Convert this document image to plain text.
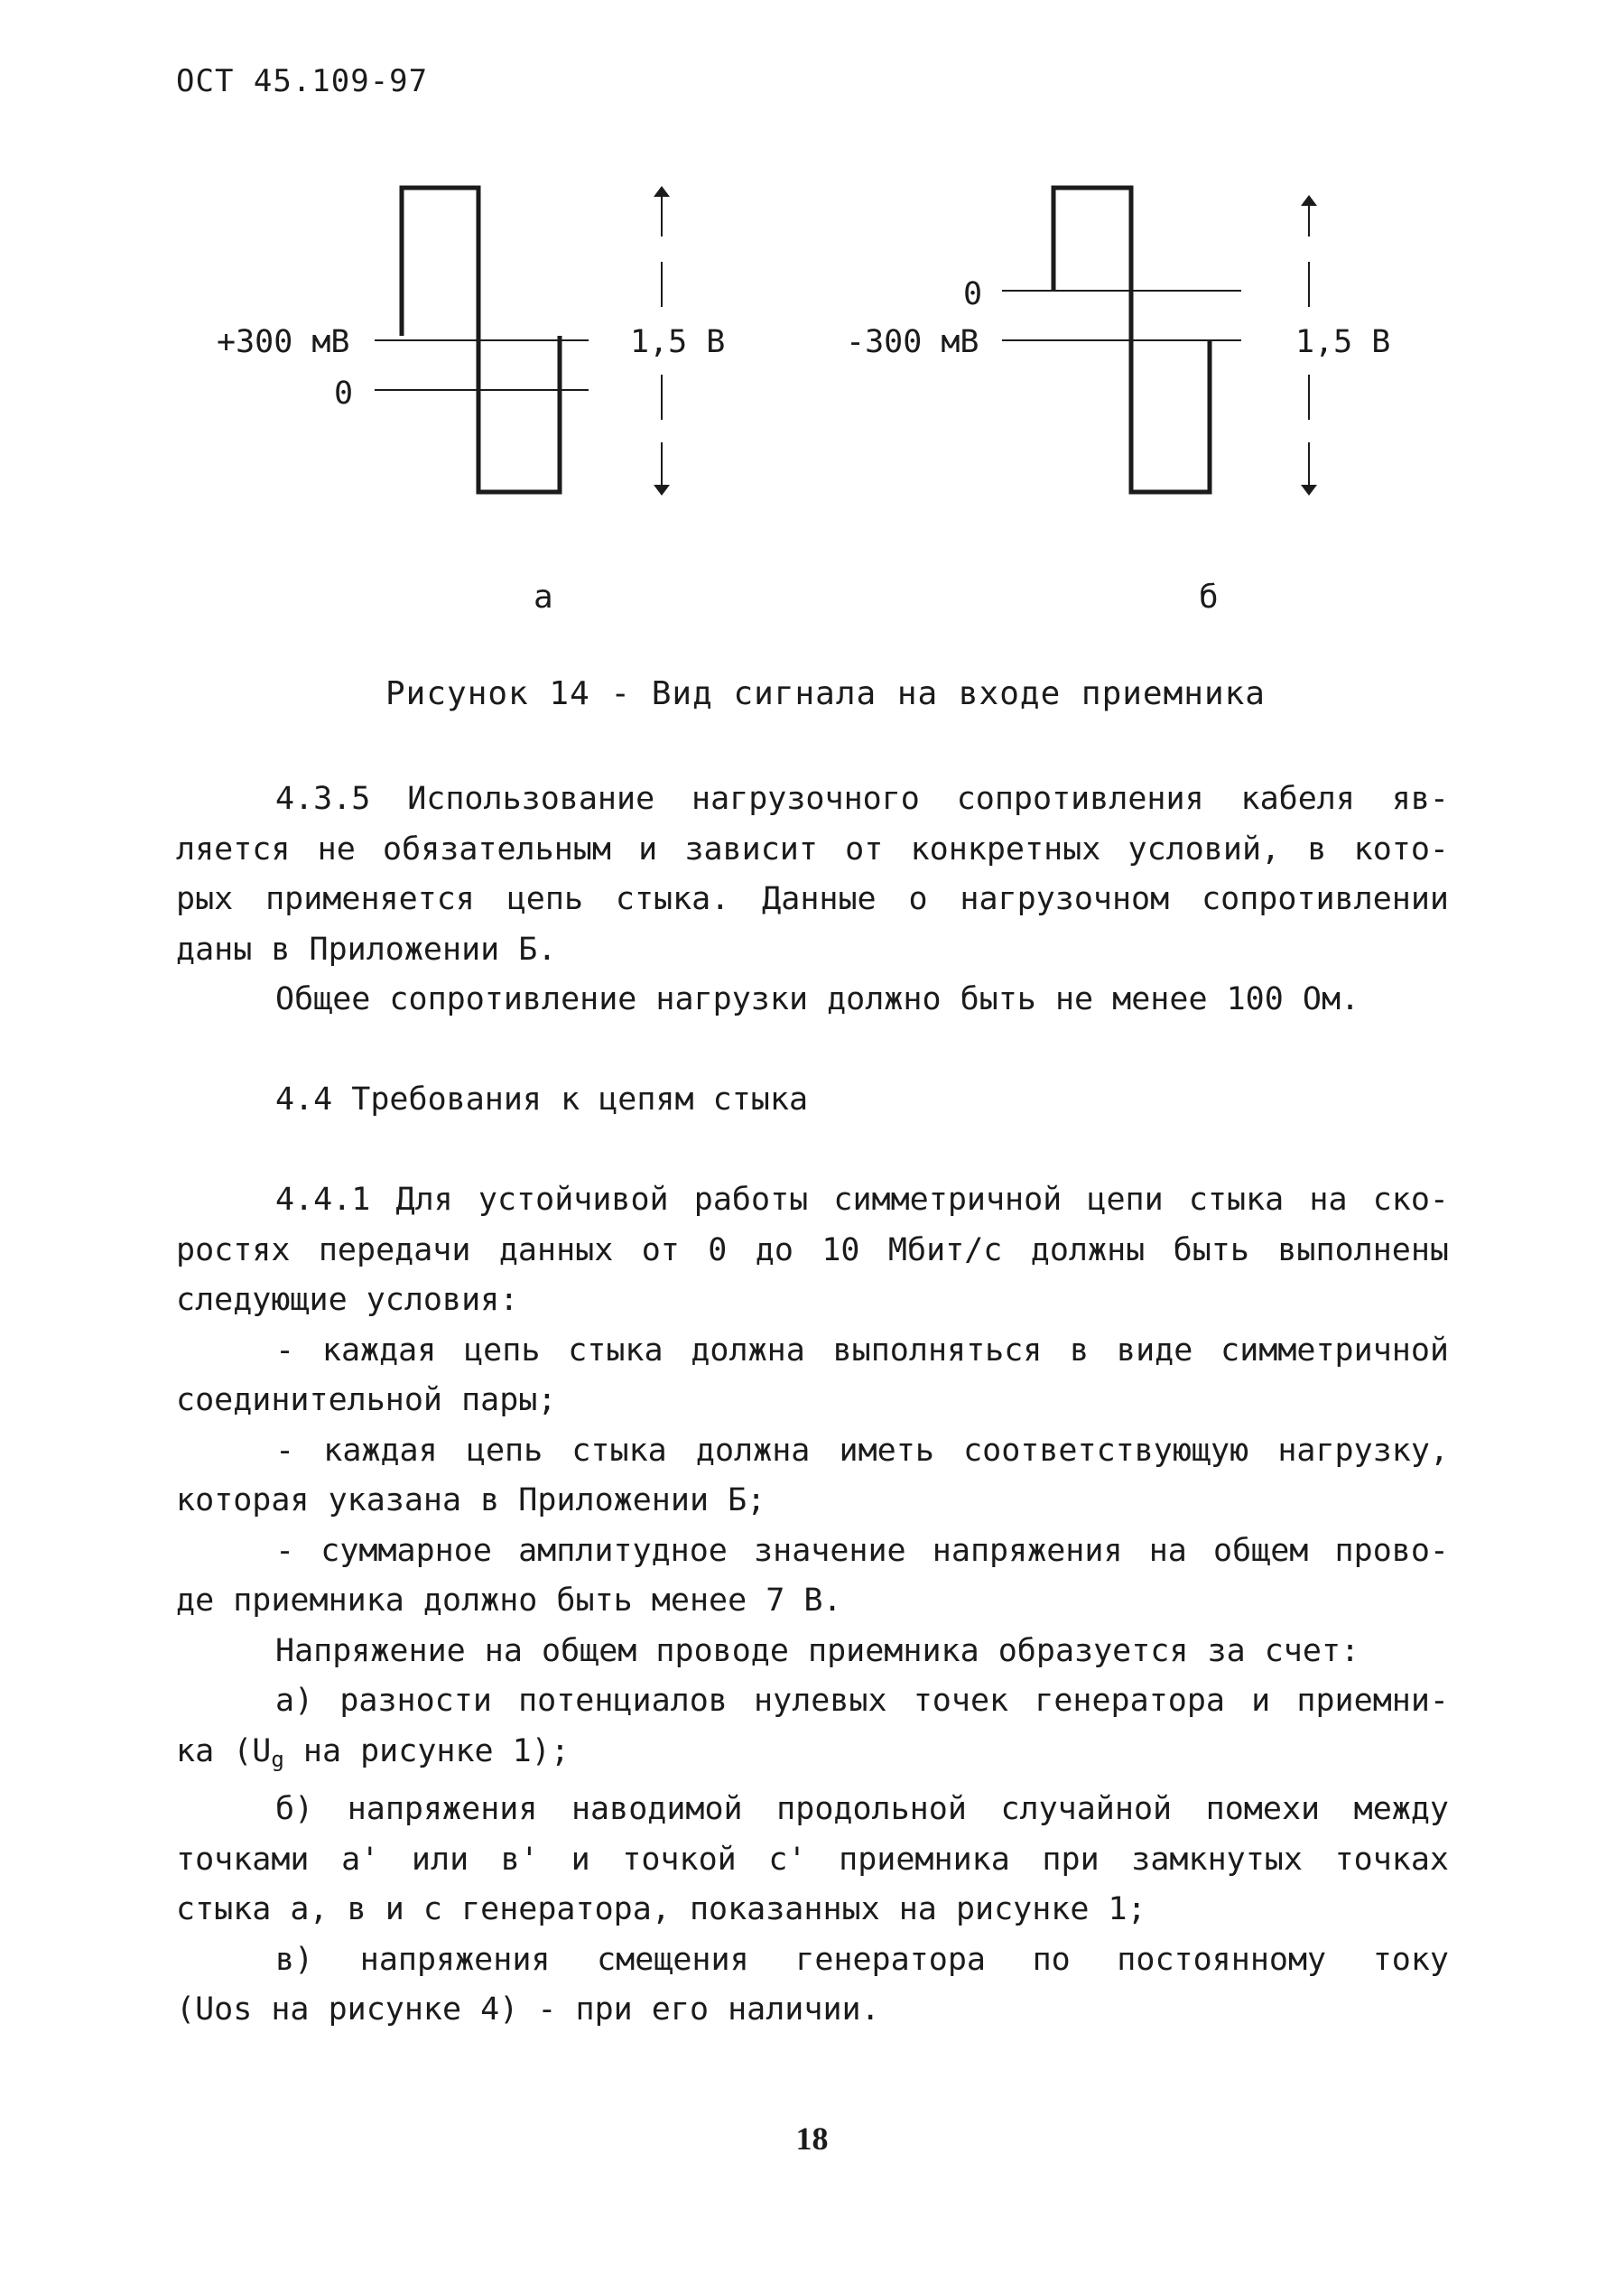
ОСТ 45.109-97
+300 мВ
0
1,5 В
а
0
-300 мВ	1,5 В
б
Рисунок 14 - Вид сигнала на входе приемника

4.3.5 Использование нагрузочного сопротивления кабеля яв-

ляется не обязательным и зависит от конкретных условий, в кото-

рых применяется цепь стыка. Данные о нагрузочном сопротивлении

даны в Приложении Б.

Общее сопротивление нагрузки должно быть не менее 100 Ом.

4.4 Требования к цепям стыка

4.4.1 Для устойчивой работы симметричной цепи стыка на ско-

ростях передачи данных от 0 до 10 Мбит/с должны быть выполнены

следующие условия:

- каждая цепь стыка должна выполняться в виде симметричной

соединительной пары;

- каждая цепь стыка должна иметь соответствующую нагрузку,

которая указана в Приложении Б;

- суммарное амплитудное значение напряжения на общем прово-

де приемника должно быть менее 7 В.

Напряжение на общем проводе приемника образуется за счет:

а) разности потенциалов нулевых точек генератора и приемни-

ка ($U_g$ на рисунке 1);

б) напряжения наводимой продольной случайной помехи между

точками а' или в' и точкой с' приемника при замкнутых точках

стыка а, в и с генератора, показанных на рисунке 1;

в) напряжения смещения генератора по постоянному току

(Uos на рисунке 4) - при его наличии.

18
